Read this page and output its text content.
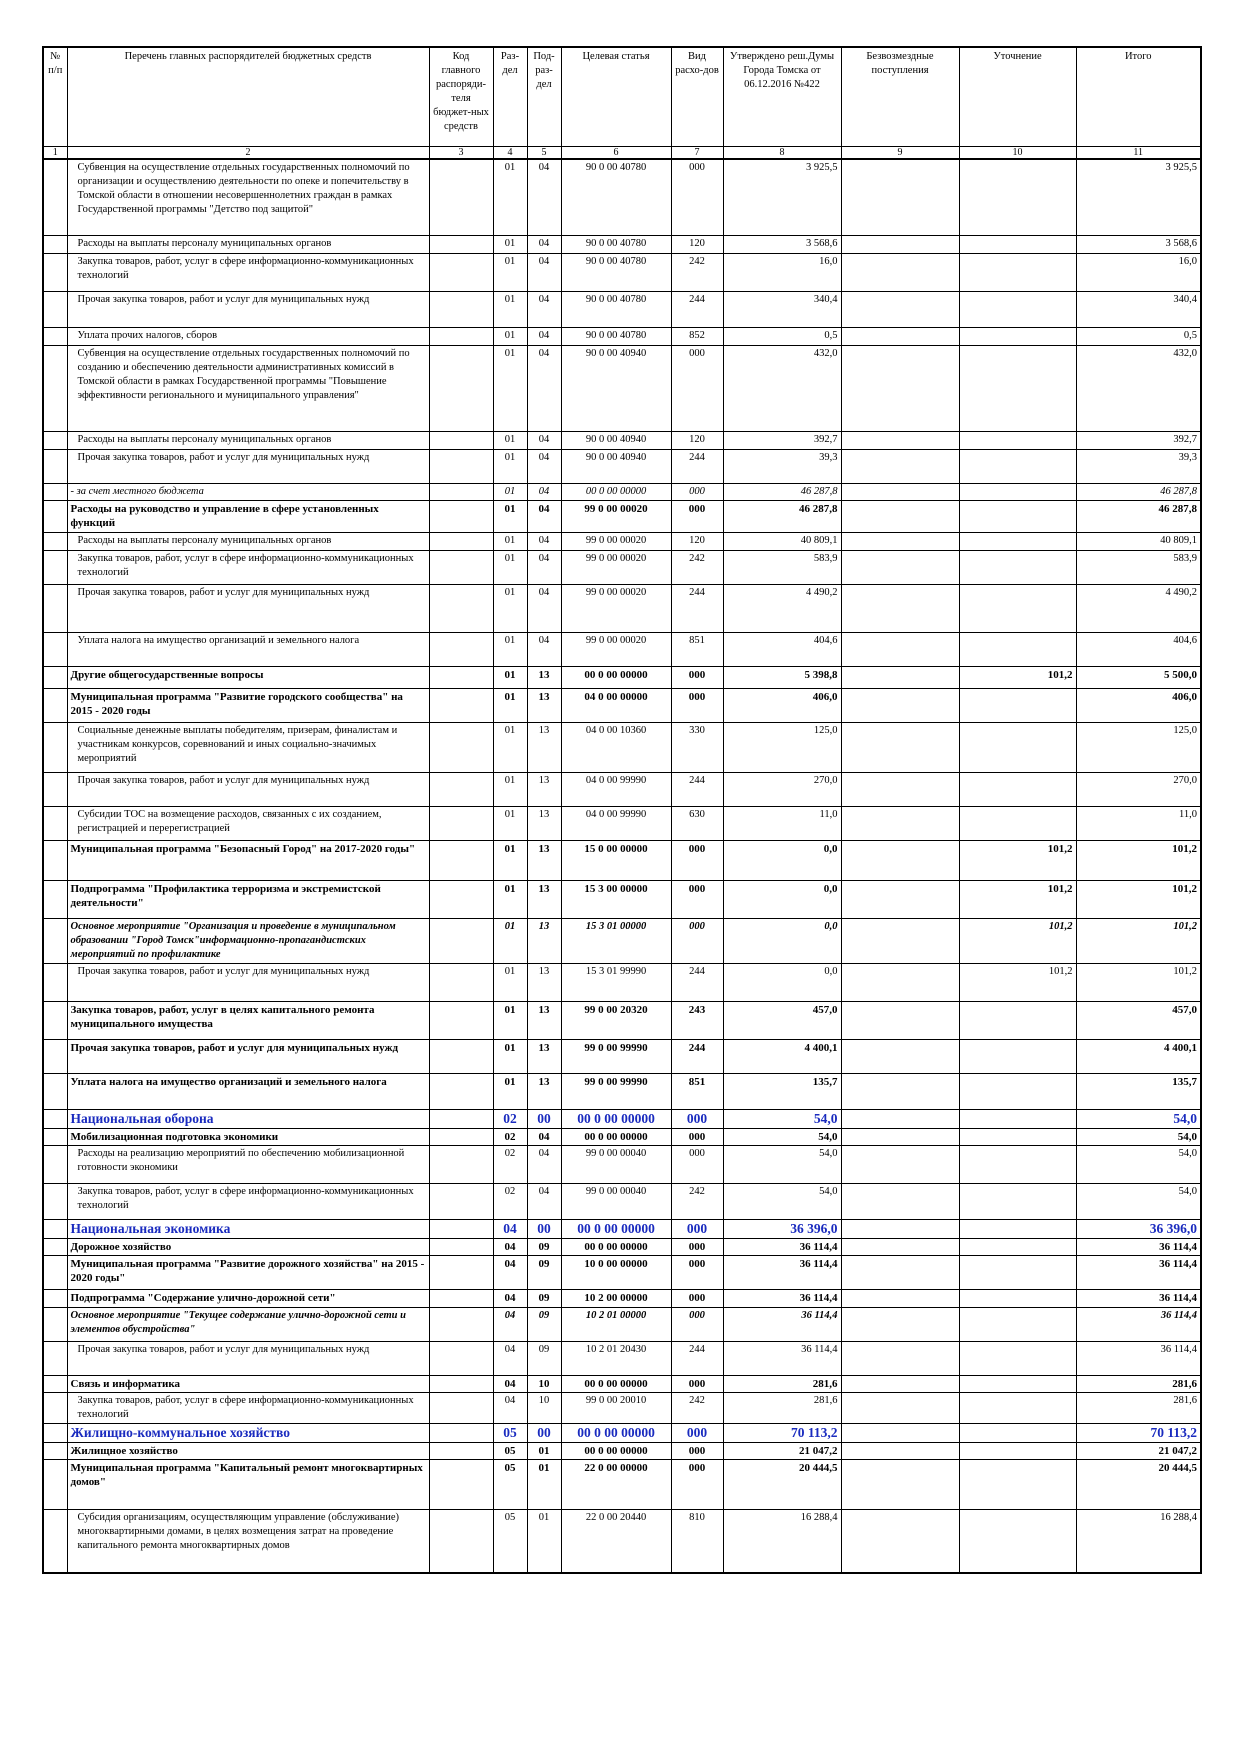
№ п/п	Перечень главных распорядителей бюджетных средств	Код главного распоряди-теля бюджет-ных средств	Раз-дел	Под-раз-дел	Целевая статья	Вид расхо-дов	Утверждено реш.Думы Города Томска от 06.12.2016 №422	Безвозмездные поступления	Уточнение	Итого
1	2	3	4	5	6	7	8	9	10	11
	Субвенция на осуществление отдельных государственных полномочий по организации и осуществлению деятельности по опеке и попечительству в Томской области в отношении несовершеннолетних граждан в рамках Государственной программы "Детство под защитой"		01	04	90 0 00 40780	000	3 925,5			3 925,5
	Расходы на выплаты персоналу муниципальных органов		01	04	90 0 00 40780	120	3 568,6			3 568,6
	Закупка товаров, работ, услуг в сфере информационно-коммуникационных технологий		01	04	90 0 00 40780	242	16,0			16,0
	Прочая закупка товаров, работ и услуг для муниципальных нужд		01	04	90 0 00 40780	244	340,4			340,4
	Уплата прочих налогов, сборов		01	04	90 0 00 40780	852	0,5			0,5
	Субвенция на осуществление отдельных государственных полномочий по созданию и обеспечению деятельности административных комиссий в Томской области в рамках Государственной программы "Повышение эффективности регионального и муниципального управления"		01	04	90 0 00 40940	000	432,0			432,0
	Расходы на выплаты персоналу муниципальных органов		01	04	90 0 00 40940	120	392,7			392,7
	Прочая закупка товаров, работ и услуг для муниципальных нужд		01	04	90 0 00 40940	244	39,3			39,3
	- за счет местного бюджета		01	04	00 0 00 00000	000	46 287,8			46 287,8
	Расходы на руководство и управление в сфере установленных функций		01	04	99 0 00 00020	000	46 287,8			46 287,8
	Расходы на выплаты персоналу муниципальных органов		01	04	99 0 00 00020	120	40 809,1			40 809,1
	Закупка товаров, работ, услуг в сфере информационно-коммуникационных технологий		01	04	99 0 00 00020	242	583,9			583,9
	Прочая закупка товаров, работ и услуг для муниципальных нужд		01	04	99 0 00 00020	244	4 490,2			4 490,2
	Уплата налога на имущество организаций и земельного налога		01	04	99 0 00 00020	851	404,6			404,6
	Другие общегосударственные вопросы		01	13	00 0 00 00000	000	5 398,8		101,2	5 500,0
	Муниципальная программа "Развитие городского сообщества" на 2015 - 2020 годы		01	13	04 0 00 00000	000	406,0			406,0
	Социальные денежные выплаты победителям, призерам, финалистам и участникам конкурсов, соревнований и иных социально-значимых мероприятий		01	13	04 0 00 10360	330	125,0			125,0
	Прочая закупка товаров, работ и услуг для муниципальных нужд		01	13	04 0 00 99990	244	270,0			270,0
	Субсидии ТОС на возмещение расходов, связанных с их созданием, регистрацией и перерегистрацией		01	13	04 0 00 99990	630	11,0			11,0
	Муниципальная программа "Безопасный Город" на 2017-2020 годы"		01	13	15 0 00 00000	000	0,0		101,2	101,2
	Подпрограмма "Профилактика терроризма и экстремистской деятельности"		01	13	15 3 00 00000	000	0,0		101,2	101,2
	Основное мероприятие "Организация и проведение в муниципальном образовании "Город Томск"информационно-пропагандистских мероприятий по профилактике		01	13	15 3 01 00000	000	0,0		101,2	101,2
	Прочая закупка товаров, работ и услуг для муниципальных нужд		01	13	15 3 01 99990	244	0,0		101,2	101,2
	Закупка товаров, работ, услуг в целях капитального ремонта муниципального имущества		01	13	99 0 00 20320	243	457,0			457,0
	Прочая закупка товаров, работ и услуг для муниципальных нужд		01	13	99 0 00 99990	244	4 400,1			4 400,1
	Уплата налога на имущество организаций и земельного налога		01	13	99 0 00 99990	851	135,7			135,7
	Национальная оборона		02	00	00 0 00 00000	000	54,0			54,0
	Мобилизационная подготовка экономики		02	04	00 0 00 00000	000	54,0			54,0
	Расходы на реализацию мероприятий по обеспечению мобилизационной готовности экономики		02	04	99 0 00 00040	000	54,0			54,0
	Закупка товаров, работ, услуг в сфере информационно-коммуникационных технологий		02	04	99 0 00 00040	242	54,0			54,0
	Национальная экономика		04	00	00 0 00 00000	000	36 396,0			36 396,0
	Дорожное хозяйство		04	09	00 0 00 00000	000	36 114,4			36 114,4
	Муниципальная программа "Развитие дорожного хозяйства" на 2015 - 2020 годы"		04	09	10 0 00 00000	000	36 114,4			36 114,4
	Подпрограмма "Содержание улично-дорожной сети"		04	09	10 2 00 00000	000	36 114,4			36 114,4
	Основное мероприятие "Текущее содержание улично-дорожной сети и элементов обустройства"		04	09	10 2 01 00000	000	36 114,4			36 114,4
	Прочая закупка товаров, работ и услуг для муниципальных нужд		04	09	10 2 01 20430	244	36 114,4			36 114,4
	Связь и информатика		04	10	00 0 00 00000	000	281,6			281,6
	Закупка товаров, работ, услуг в сфере информационно-коммуникационных технологий		04	10	99 0 00 20010	242	281,6			281,6
	Жилищно-коммунальное хозяйство		05	00	00 0 00 00000	000	70 113,2			70 113,2
	Жилищное хозяйство		05	01	00 0 00 00000	000	21 047,2			21 047,2
	Муниципальная программа "Капитальный ремонт многоквартирных домов"		05	01	22 0 00 00000	000	20 444,5			20 444,5
	Субсидия организациям, осуществляющим управление (обслуживание) многоквартирными домами, в целях возмещения затрат на проведение капитального ремонта многоквартирных домов		05	01	22 0 00 20440	810	16 288,4			16 288,4
